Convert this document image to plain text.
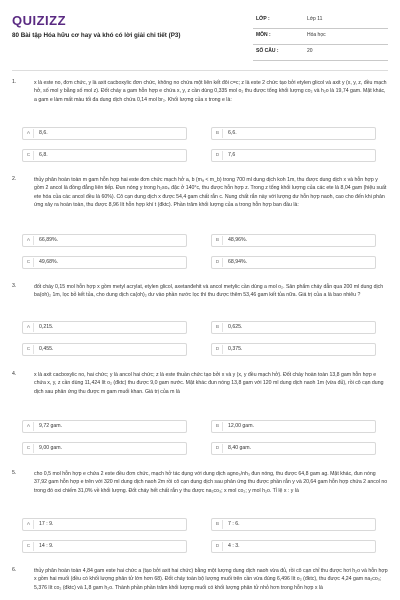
QUIZIZZ
80 Bài tập Hóa hữu cơ hay và khó có lời giải chi tiết (P3)
LỚP :	Lớp 11
MÔN :	Hóa học
SỐ CÂU :	20
1.	x là este no, đơn chức, y là axit cacboxylic đơn chức, không no chứa một liên kết đôi c=c; z là este 2 chức tạo bởi etylen glicol và axit y (x, y, z, đều mạch hở, số mol y bằng số mol z). Đốt cháy a gam hỗn hợp e chứa x, y, z cần dùng 0,335 mol o₂ thu được tổng khối lượng co₂ và h₂o là 19,74 gam. Mặt khác, a gam e làm mất màu tối đa dung dịch chứa 0,14 mol br₂. Khối lượng của x trong e là:
A	8,6.	B	6,6.
C	6,8.	D	7,6
2.	thủy phân hoàn toàn m gam hỗn hợp hai este đơn chức mạch hở a, b (mₐ < m_b) trong 700 ml dung dịch koh 1m, thu được dung dịch x và hỗn hợp y gồm 2 ancol là đồng đẳng liên tiếp. Đun nóng y trong h₂so₄ đặc ở 140°c, thu được hỗn hợp z. Trong z tổng khối lượng của các ete là 8,04 gam (hiệu suất ete hóa của các ancol đều là 60%). Cô cạn dung dịch x được 54,4 gam chất rắn c. Nung chất rắn này với lượng dư hỗn hợp naoh, cao cho đến khi phản ứng xảy ra hoàn toàn, thu được 8,96 lít hỗn hợp khí t (đktc). Phần trăm khối lượng của a trong hỗn hợp ban đầu là:
A	66,89%.	B	48,96%.
C	49,68%.	D	68,94%.
3.	đốt cháy 0,15 mol hỗn hợp x gồm metyl acrylat, etylen glicol, axetanđehit và ancol metylic cần dùng a mol o₂. Sản phẩm cháy dẫn qua 200 ml dung dịch ba(oh)₂ 1m, lọc bỏ kết tủa, cho dung dịch ca(oh)₂ dư vào phần nước lọc thì thu được thêm 53,46 gam kết tủa nữa. Giá trị của a là bao nhiêu ?
A	0,215.	B	0,625.
C	0,455.	D	0,375.
4.	x là axit cacboxylic no, hai chức; y là ancol hai chức; z là este thuần chức tạo bởi x và y (x, y đều mạch hở). Đốt cháy hoàn toàn 13,8 gam hỗn hợp e chứa x, y, z cần dùng 11,424 lít o₂ (đktc) thu được 9,0 gam nước. Mặt khác đun nóng 13,8 gam với 120 ml dung dịch naoh 1m (vừa đủ), rồi cô cạn dung dịch sau phản ứng thu được m gam muối khan. Giá trị của m là
A	9,72 gam.	B	12,00 gam.
C	9,00 gam.	D	8,40 gam.
5.	cho 0,5 mol hỗn hợp e chứa 2 este đều đơn chức, mạch hở tác dụng với dung dịch agno₃/nh₃ đun nóng, thu được 64,8 gam ag. Mặt khác, đun nóng 37,92 gam hỗn hợp e trên với 320 ml dung dịch naoh 2m rồi cô cạn dung dịch sau phản ứng thu được phần rắn y và 20,64 gam hỗn hợp chứa 2 ancol no trong đó oxi chiếm 31,0% về khối lượng. Đốt cháy hết chất rắn y thu được na₂co₃; x mol co₂; y mol h₂o. Tỉ lệ x : y là
A	17 : 9.	B	7 : 6.
C	14 : 9.	D	4 : 3.
6.	thủy phân hoàn toàn 4,84 gam este hai chức a (tạo bởi axit hai chức) bằng một lượng dung dịch naoh vừa đủ, rồi cô cạn chỉ thu được hơi h₂o và hỗn hợp x gồm hai muối (đều có khối lượng phân tử lớn hơn 68). Đốt cháy toàn bộ lượng muối trên cần vừa đúng 6,496 lít o₂ (đktc), thu được 4,24 gam na₂co₃; 5,376 lít co₂ (đktc) và 1,8 gam h₂o. Thành phần phần trăm khối lượng muối có khối lượng phân tử nhỏ hơn trong hỗn hợp x là
